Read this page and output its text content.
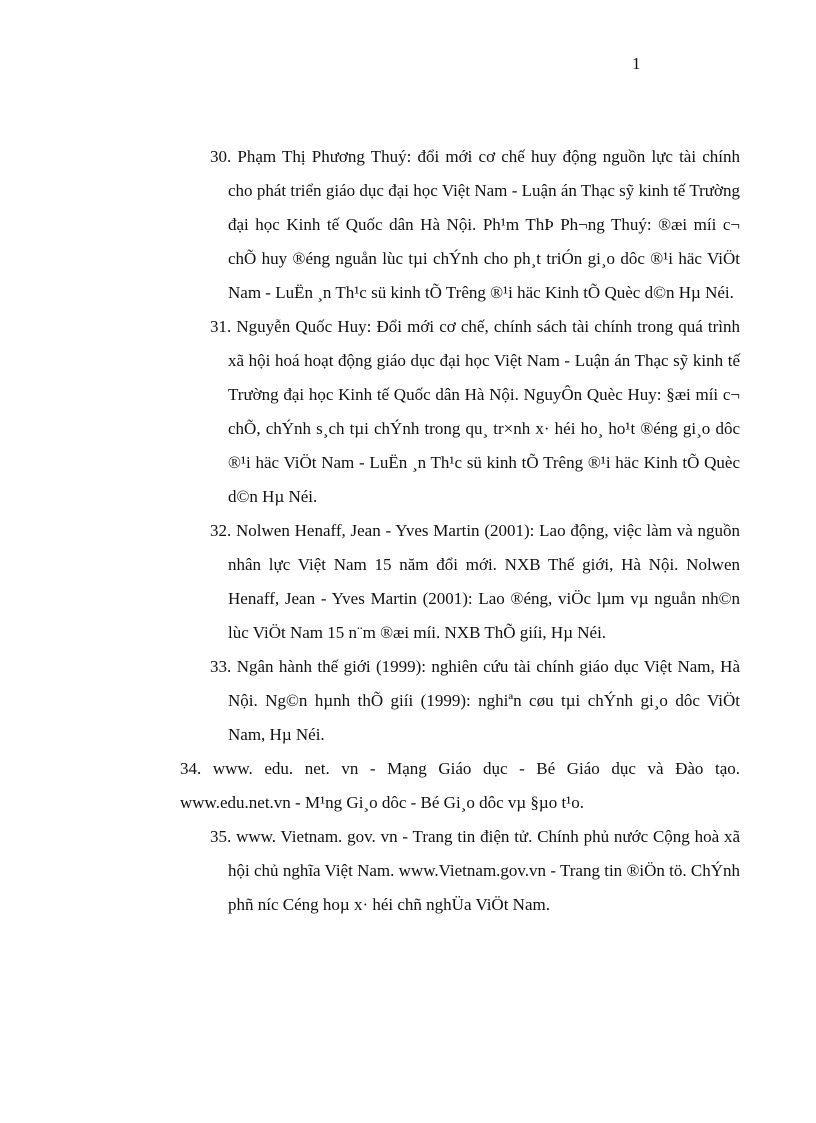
1

30. Phạm Thị Phương Thuý: đổi mới cơ chế huy động nguồn lực tài chính cho phát triển giáo dục đại học Việt Nam - Luận án Thạc sỹ kinh tế Trường đại học Kinh tế Quốc dân Hà Nội. Ph¹m ThÞ Ph¬ng Thuý: ®æi míi c¬ chÕ huy ®éng nguån lùc tµi chÝnh cho ph¸t triÓn gi¸o dôc ®¹i häc ViÖt Nam - LuËn ¸n Th¹c sü kinh tÕ Trêng ®¹i häc Kinh tÕ Quèc d©n Hµ Néi.

31. Nguyễn Quốc Huy: Đổi mới cơ chế, chính sách tài chính trong quá trình xã hội hoá hoạt động giáo dục đại học Việt Nam - Luận án Thạc sỹ kinh tế Trường đại học Kinh tế Quốc dân Hà Nội. NguyÔn Quèc Huy: §æi míi c¬ chÕ, chÝnh s¸ch tµi chÝnh trong qu¸ tr×nh x· héi ho¸ ho¹t ®éng gi¸o dôc ®¹i häc ViÖt Nam - LuËn ¸n Th¹c sü kinh tÕ Trêng ®¹i häc Kinh tÕ Quèc d©n Hµ Néi.

32. Nolwen Henaff, Jean - Yves Martin (2001): Lao động, việc làm và nguồn nhân lực Việt Nam 15 năm đổi mới. NXB Thế giới, Hà Nội. Nolwen Henaff, Jean - Yves Martin (2001): Lao ®éng, viÖc lµm vµ nguån nh©n lùc ViÖt Nam 15 n¨m ®æi míi. NXB ThÕ giíi, Hµ Néi.

33. Ngân hành thế giới (1999): nghiên cứu tài chính giáo dục Việt Nam, Hà Nội. Ng©n hµnh thÕ giíi (1999): nghiªn cøu tµi chÝnh gi¸o dôc ViÖt Nam, Hµ Néi.

34. www. edu. net. vn - Mạng Giáo dục - Bé Giáo dục và Đào tạo. www.edu.net.vn - M¹ng Gi¸o dôc - Bé Gi¸o dôc vµ §µo t¹o.

35. www. Vietnam. gov. vn - Trang tin điện tử. Chính phủ nước Cộng hoà xã hội chủ nghĩa Việt Nam. www.Vietnam.gov.vn - Trang tin ®iÖn tö. ChÝnh phñ níc Céng hoµ x· héi chñ nghÜa ViÖt Nam.
